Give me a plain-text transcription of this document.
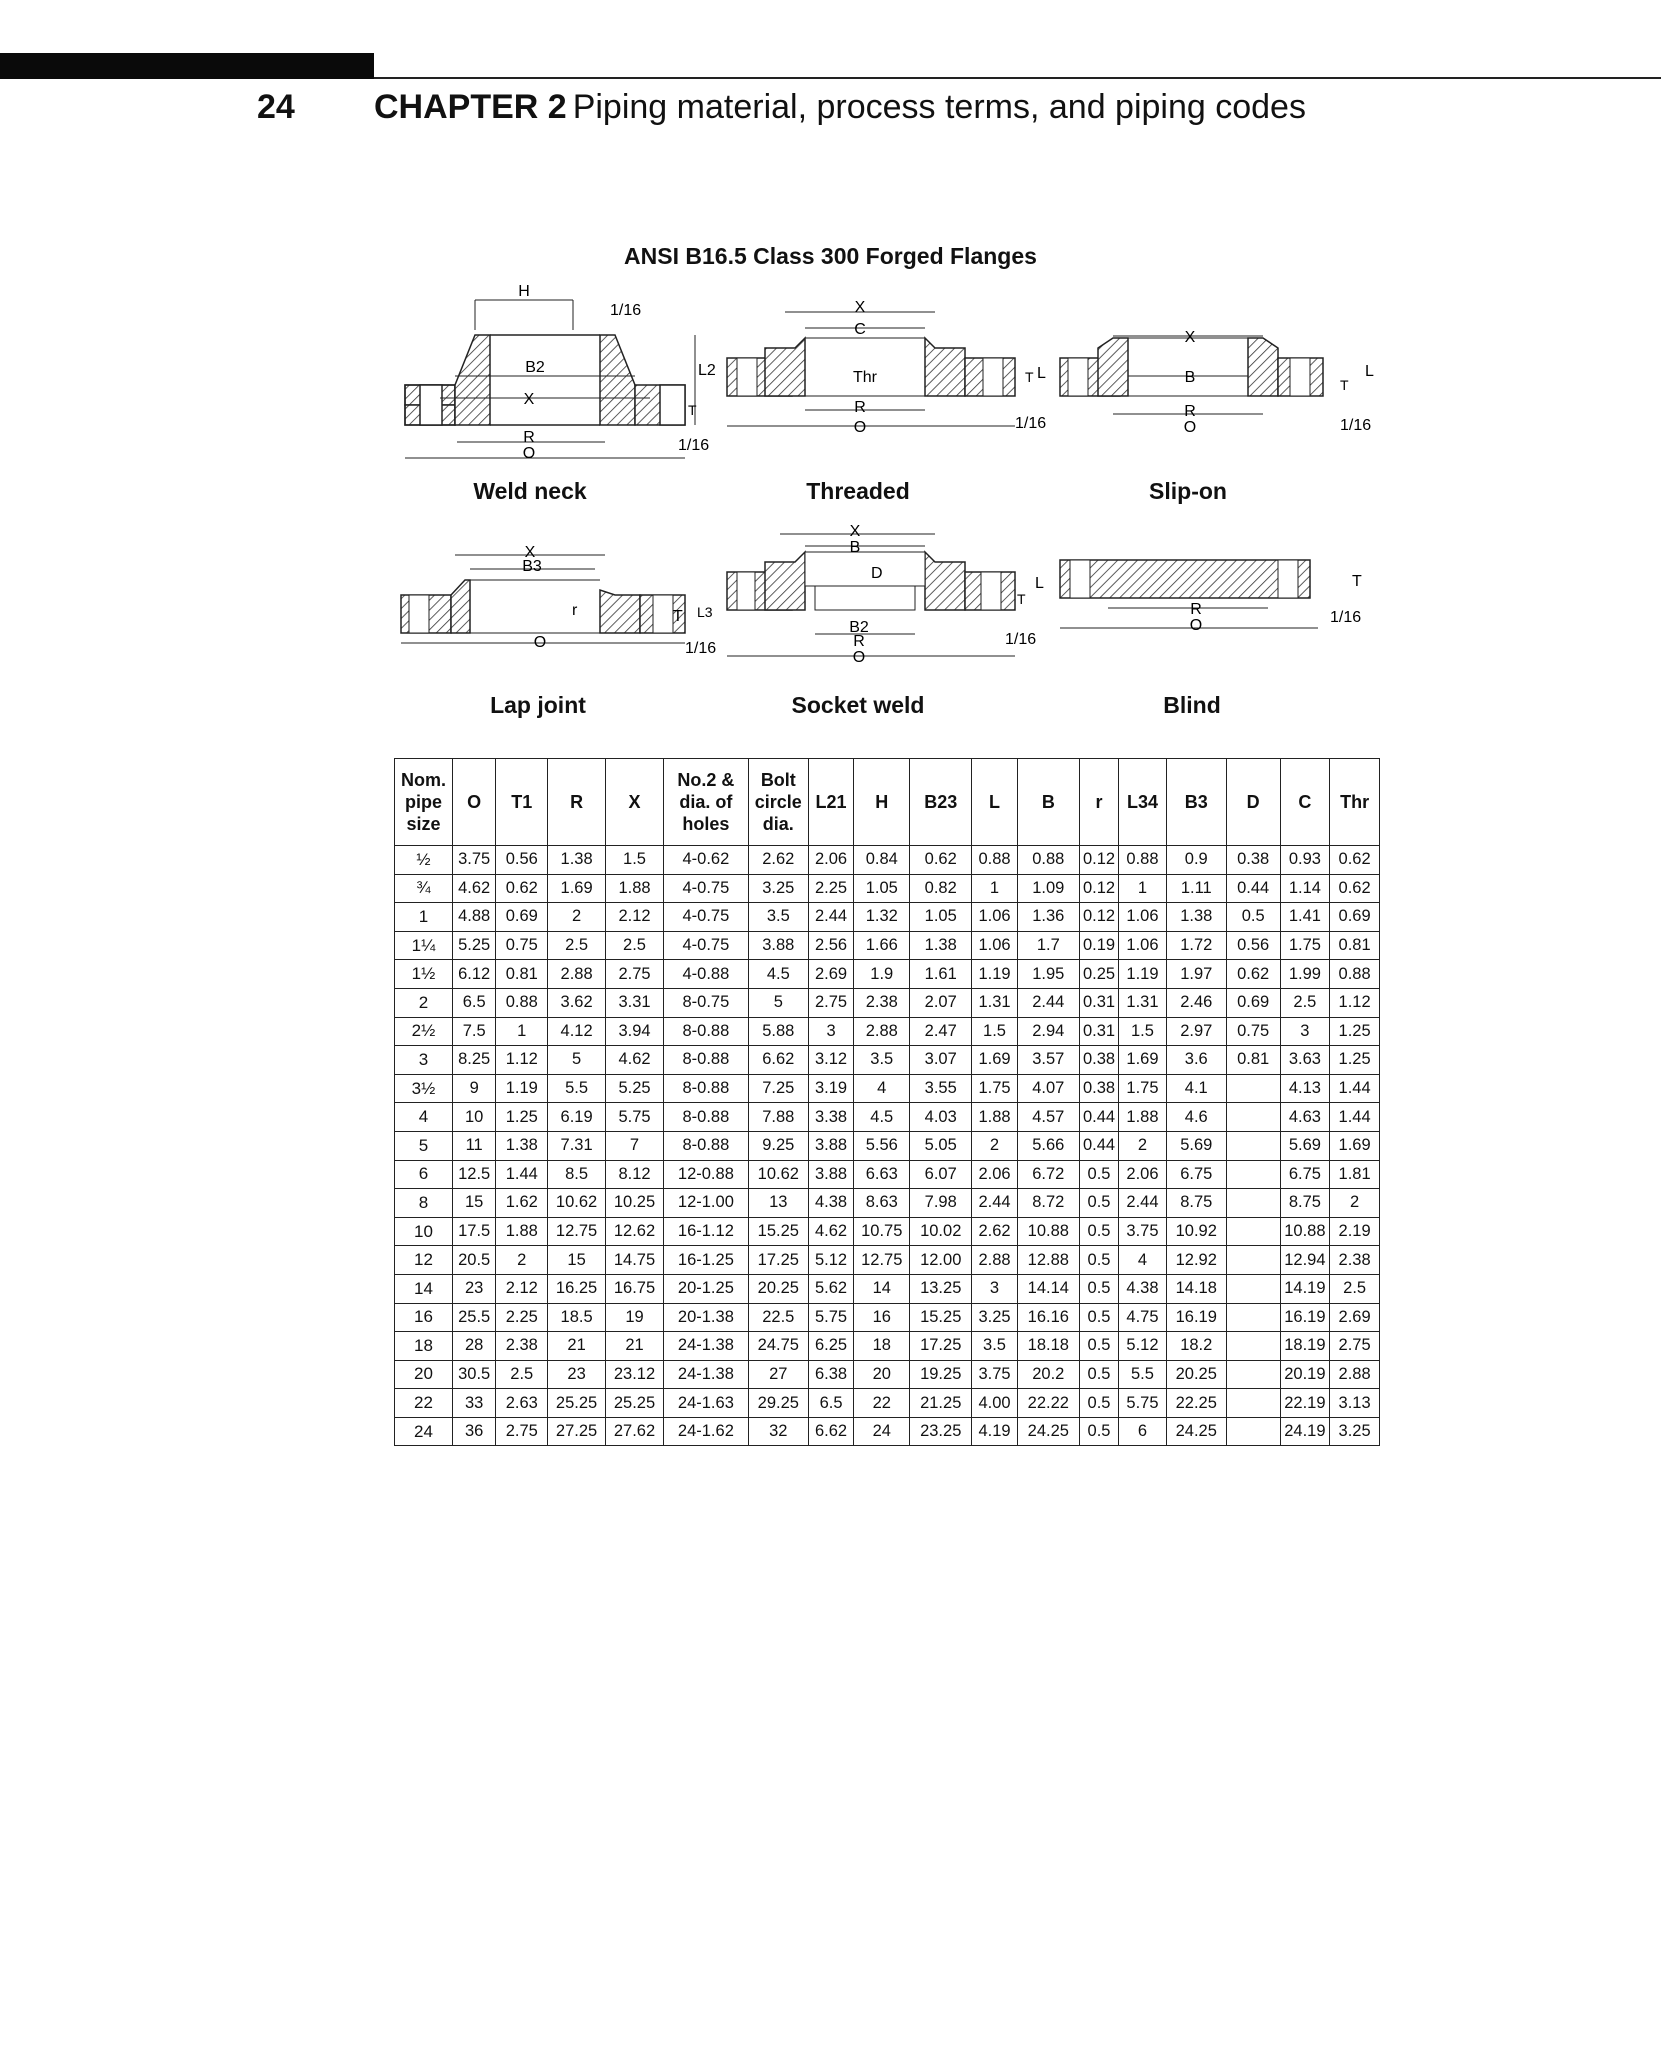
24 CHAPTER 2 Piping material, process terms, and piping codes
ANSI B16.5 Class 300 Forged Flanges
H
1/16
B2
X
R
O
L2
T
1/16
Weld neck
X
C
Thr
R
O
T L
1/16
Threaded
X
B
R
O
T
L
1/16
Slip-on
X
B3
r
O
T L3
1/16
Lap joint
X
B
D
B2
R
O
T
L
1/16
Socket weld
R
O
T
1/16
Blind
Nom. pipe size	O	T1	R	X	No.2 & dia. of holes	Bolt circle dia.	L21	H	B23	L	B	r	L34	B3	D	C	Thr
½	3.75	0.56	1.38	1.5	4-0.62	2.62	2.06	0.84	0.62	0.88	0.88	0.12	0.88	0.9	0.38	0.93	0.62
¾	4.62	0.62	1.69	1.88	4-0.75	3.25	2.25	1.05	0.82	1	1.09	0.12	1	1.11	0.44	1.14	0.62
1	4.88	0.69	2	2.12	4-0.75	3.5	2.44	1.32	1.05	1.06	1.36	0.12	1.06	1.38	0.5	1.41	0.69
1¼	5.25	0.75	2.5	2.5	4-0.75	3.88	2.56	1.66	1.38	1.06	1.7	0.19	1.06	1.72	0.56	1.75	0.81
1½	6.12	0.81	2.88	2.75	4-0.88	4.5	2.69	1.9	1.61	1.19	1.95	0.25	1.19	1.97	0.62	1.99	0.88
2	6.5	0.88	3.62	3.31	8-0.75	5	2.75	2.38	2.07	1.31	2.44	0.31	1.31	2.46	0.69	2.5	1.12
2½	7.5	1	4.12	3.94	8-0.88	5.88	3	2.88	2.47	1.5	2.94	0.31	1.5	2.97	0.75	3	1.25
3	8.25	1.12	5	4.62	8-0.88	6.62	3.12	3.5	3.07	1.69	3.57	0.38	1.69	3.6	0.81	3.63	1.25
3½	9	1.19	5.5	5.25	8-0.88	7.25	3.19	4	3.55	1.75	4.07	0.38	1.75	4.1		4.13	1.44
4	10	1.25	6.19	5.75	8-0.88	7.88	3.38	4.5	4.03	1.88	4.57	0.44	1.88	4.6		4.63	1.44
5	11	1.38	7.31	7	8-0.88	9.25	3.88	5.56	5.05	2	5.66	0.44	2	5.69		5.69	1.69
6	12.5	1.44	8.5	8.12	12-0.88	10.62	3.88	6.63	6.07	2.06	6.72	0.5	2.06	6.75		6.75	1.81
8	15	1.62	10.62	10.25	12-1.00	13	4.38	8.63	7.98	2.44	8.72	0.5	2.44	8.75		8.75	2
10	17.5	1.88	12.75	12.62	16-1.12	15.25	4.62	10.75	10.02	2.62	10.88	0.5	3.75	10.92		10.88	2.19
12	20.5	2	15	14.75	16-1.25	17.25	5.12	12.75	12.00	2.88	12.88	0.5	4	12.92		12.94	2.38
14	23	2.12	16.25	16.75	20-1.25	20.25	5.62	14	13.25	3	14.14	0.5	4.38	14.18		14.19	2.5
16	25.5	2.25	18.5	19	20-1.38	22.5	5.75	16	15.25	3.25	16.16	0.5	4.75	16.19		16.19	2.69
18	28	2.38	21	21	24-1.38	24.75	6.25	18	17.25	3.5	18.18	0.5	5.12	18.2		18.19	2.75
20	30.5	2.5	23	23.12	24-1.38	27	6.38	20	19.25	3.75	20.2	0.5	5.5	20.25		20.19	2.88
22	33	2.63	25.25	25.25	24-1.63	29.25	6.5	22	21.25	4.00	22.22	0.5	5.75	22.25		22.19	3.13
24	36	2.75	27.25	27.62	24-1.62	32	6.62	24	23.25	4.19	24.25	0.5	6	24.25		24.19	3.25
